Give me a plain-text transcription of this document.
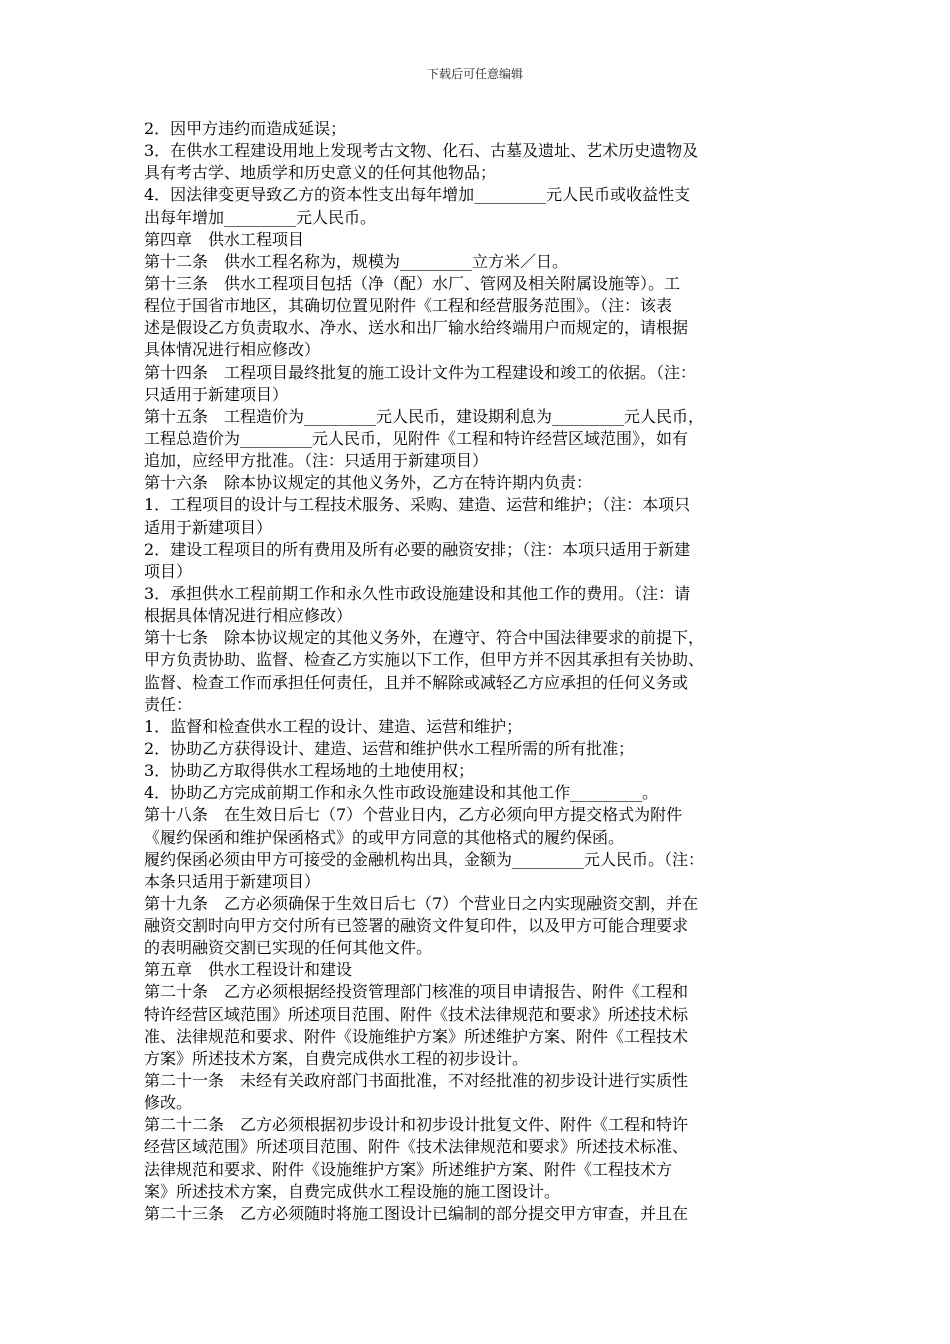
下载后可任意编辑
2．因甲方违约而造成延误；
3．在供水工程建设用地上发现考古文物、化石、古墓及遗址、艺术历史遗物及
具有考古学、地质学和历史意义的任何其他物品；
4．因法律变更导致乙方的资本性支出每年增加_________元人民币或收益性支
出每年增加_________元人民币。
第四章　供水工程项目
第十二条　供水工程名称为，规模为_________立方米／日。
第十三条　供水工程项目包括（净（配）水厂、管网及相关附属设施等）。工
程位于国省市地区，其确切位置见附件《工程和经营服务范围》。（注：该表
述是假设乙方负责取水、净水、送水和出厂输水给终端用户而规定的，请根据
具体情况进行相应修改）
第十四条　工程项目最终批复的施工设计文件为工程建设和竣工的依据。（注：
只适用于新建项目）
第十五条　工程造价为_________元人民币，建设期利息为_________元人民币，
工程总造价为_________元人民币，见附件《工程和特许经营区域范围》，如有
追加，应经甲方批准。（注：只适用于新建项目）
第十六条　除本协议规定的其他义务外，乙方在特许期内负责：
1．工程项目的设计与工程技术服务、采购、建造、运营和维护；（注：本项只
适用于新建项目）
2．建设工程项目的所有费用及所有必要的融资安排；（注：本项只适用于新建
项目）
3．承担供水工程前期工作和永久性市政设施建设和其他工作的费用。（注：请
根据具体情况进行相应修改）
第十七条　除本协议规定的其他义务外，在遵守、符合中国法律要求的前提下，
甲方负责协助、监督、检查乙方实施以下工作，但甲方并不因其承担有关协助、
监督、检查工作而承担任何责任，且并不解除或减轻乙方应承担的任何义务或
责任：
1．监督和检查供水工程的设计、建造、运营和维护；
2．协助乙方获得设计、建造、运营和维护供水工程所需的所有批准；
3．协助乙方取得供水工程场地的土地使用权；
4．协助乙方完成前期工作和永久性市政设施建设和其他工作_________。
第十八条　在生效日后七（7）个营业日内，乙方必须向甲方提交格式为附件
《履约保函和维护保函格式》的或甲方同意的其他格式的履约保函。
履约保函必须由甲方可接受的金融机构出具，金额为_________元人民币。（注：
本条只适用于新建项目）
第十九条　乙方必须确保于生效日后七（7）个营业日之内实现融资交割，并在
融资交割时向甲方交付所有已签署的融资文件复印件，以及甲方可能合理要求
的表明融资交割已实现的任何其他文件。
第五章　供水工程设计和建设
第二十条　乙方必须根据经投资管理部门核准的项目申请报告、附件《工程和
特许经营区域范围》所述项目范围、附件《技术法律规范和要求》所述技术标
准、法律规范和要求、附件《设施维护方案》所述维护方案、附件《工程技术
方案》所述技术方案，自费完成供水工程的初步设计。
第二十一条　未经有关政府部门书面批准，不对经批准的初步设计进行实质性
修改。
第二十二条　乙方必须根据初步设计和初步设计批复文件、附件《工程和特许
经营区域范围》所述项目范围、附件《技术法律规范和要求》所述技术标准、
法律规范和要求、附件《设施维护方案》所述维护方案、附件《工程技术方
案》所述技术方案，自费完成供水工程设施的施工图设计。
第二十三条　乙方必须随时将施工图设计已编制的部分提交甲方审查，并且在
